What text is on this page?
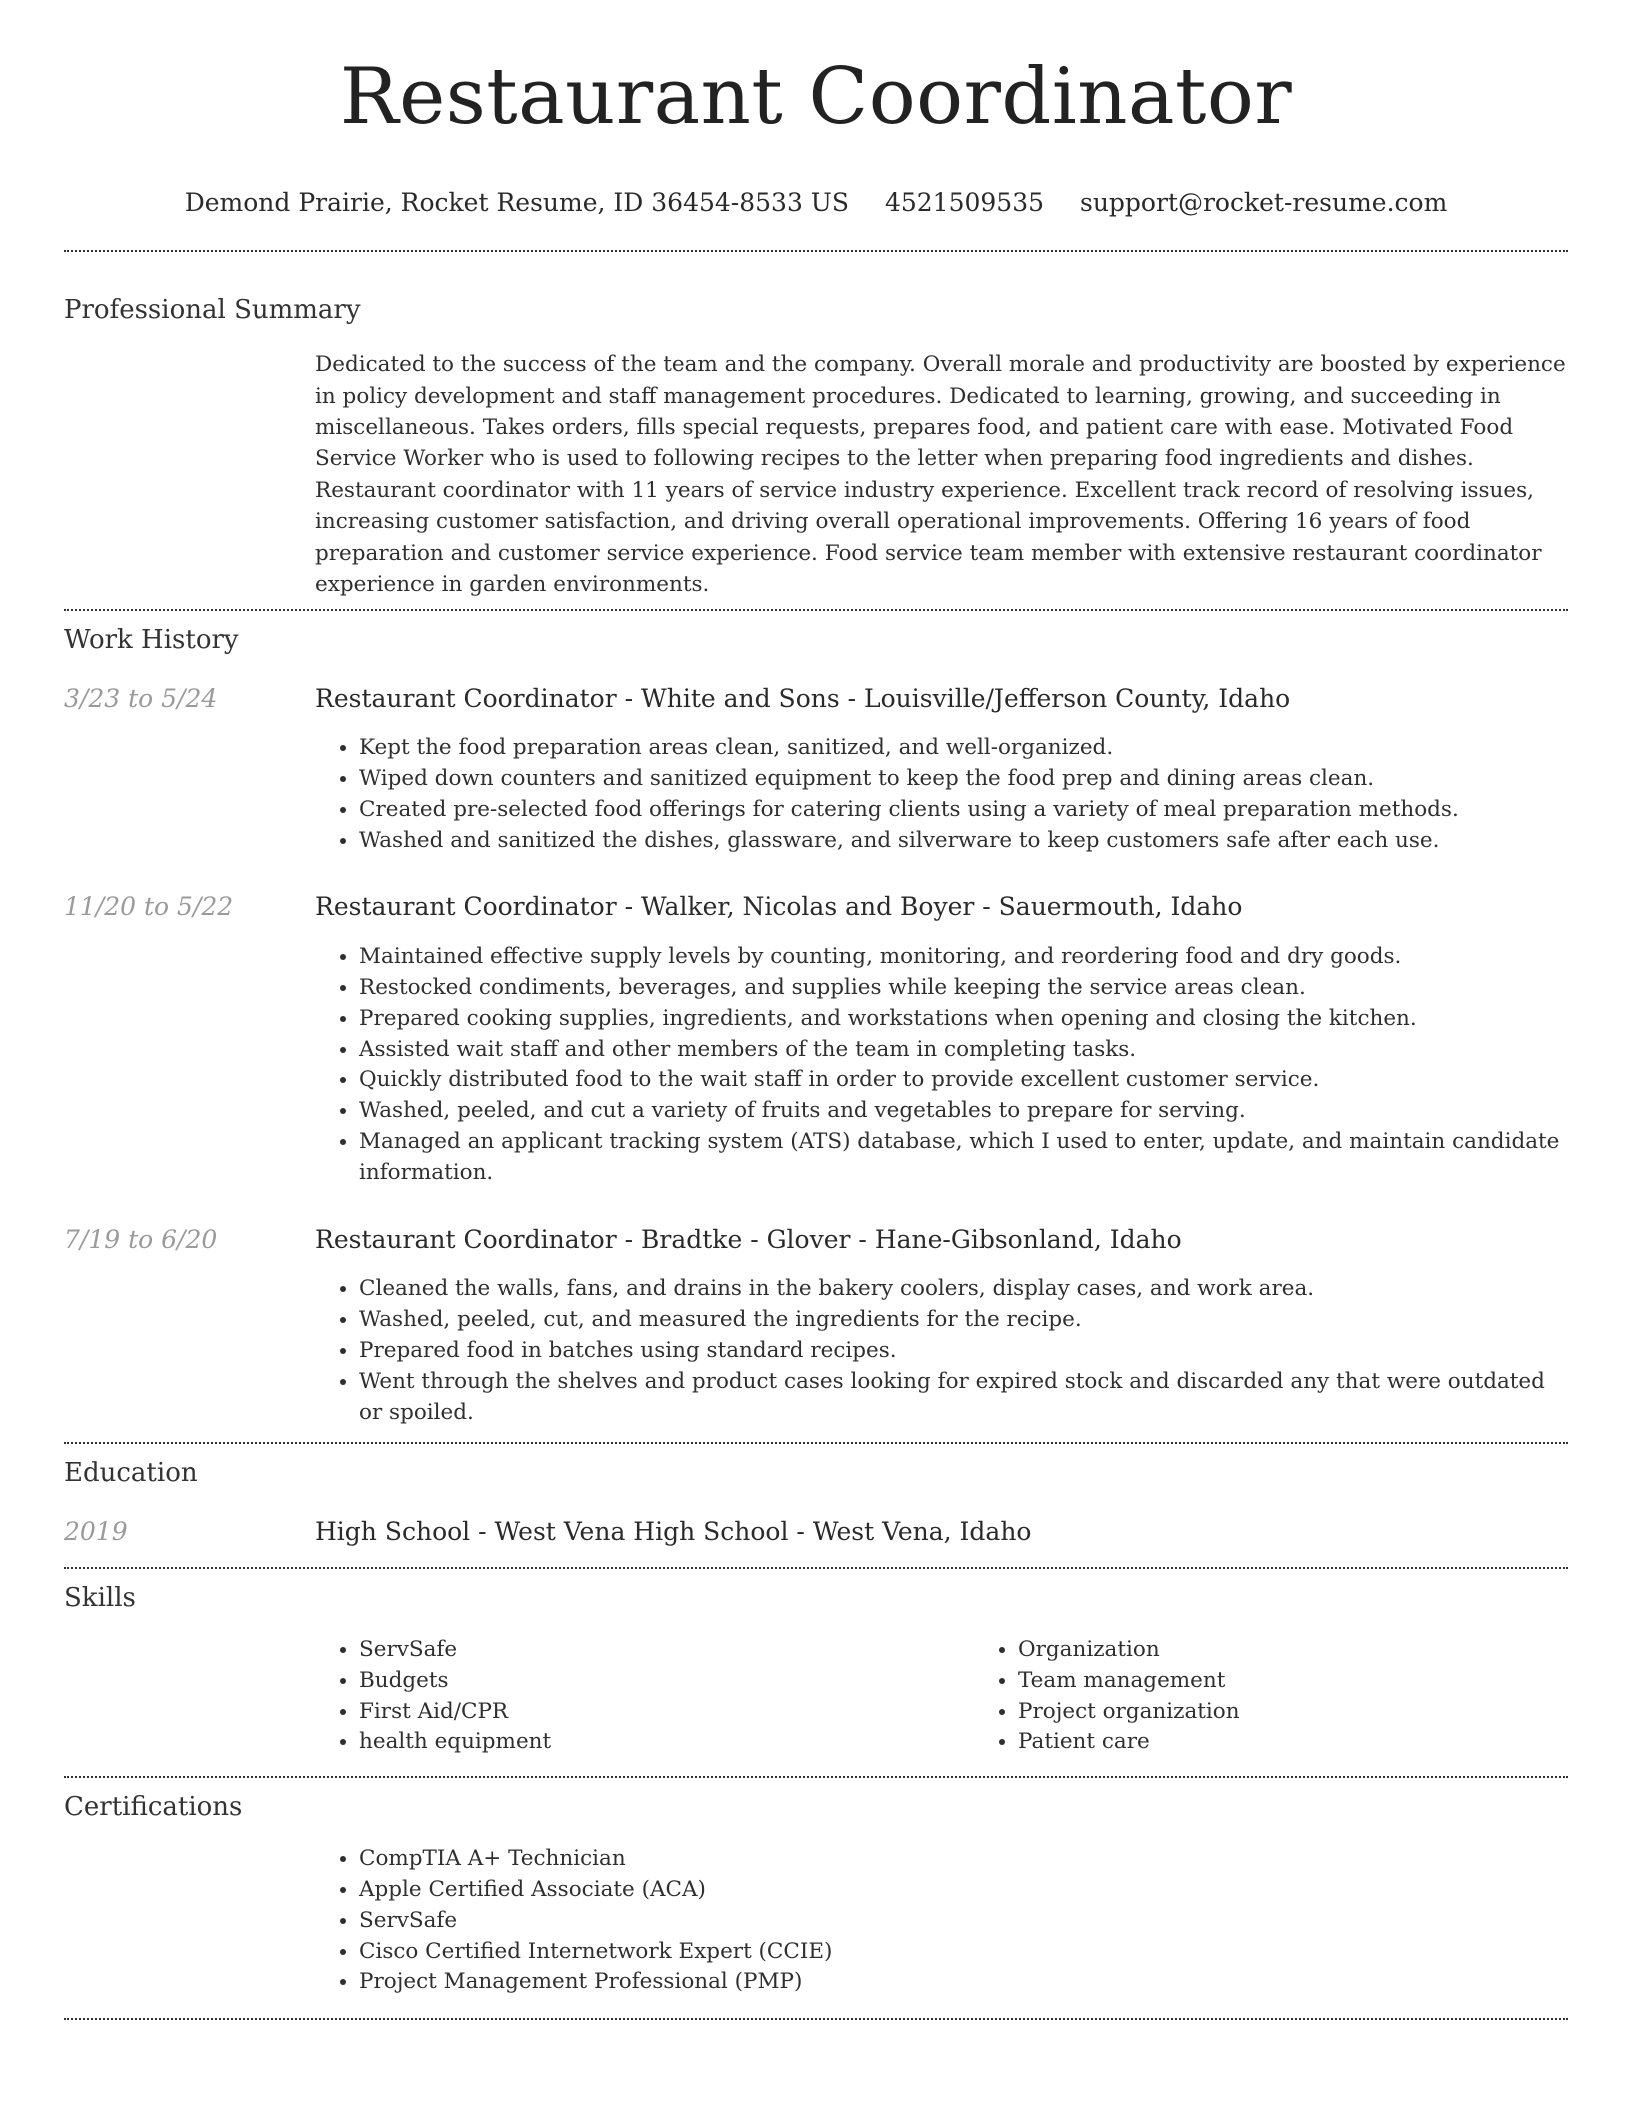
Restaurant Coordinator
Demond Prairie, Rocket Resume, ID 36454-8533 US 4521509535 support@rocket-resume.com
Professional Summary
Dedicated to the success of the team and the company. Overall morale and productivity are boosted by experience in policy development and staff management procedures. Dedicated to learning, growing, and succeeding in miscellaneous. Takes orders, fills special requests, prepares food, and patient care with ease. Motivated Food Service Worker who is used to following recipes to the letter when preparing food ingredients and dishes. Restaurant coordinator with 11 years of service industry experience. Excellent track record of resolving issues, increasing customer satisfaction, and driving overall operational improvements. Offering 16 years of food preparation and customer service experience. Food service team member with extensive restaurant coordinator experience in garden environments.
Work History
3/23 to 5/24	Restaurant Coordinator - White and Sons - Louisville/Jefferson County, Idaho
• Kept the food preparation areas clean, sanitized, and well-organized.
• Wiped down counters and sanitized equipment to keep the food prep and dining areas clean.
• Created pre-selected food offerings for catering clients using a variety of meal preparation methods.
• Washed and sanitized the dishes, glassware, and silverware to keep customers safe after each use.
11/20 to 5/22	Restaurant Coordinator - Walker, Nicolas and Boyer - Sauermouth, Idaho
• Maintained effective supply levels by counting, monitoring, and reordering food and dry goods.
• Restocked condiments, beverages, and supplies while keeping the service areas clean.
• Prepared cooking supplies, ingredients, and workstations when opening and closing the kitchen.
• Assisted wait staff and other members of the team in completing tasks.
• Quickly distributed food to the wait staff in order to provide excellent customer service.
• Washed, peeled, and cut a variety of fruits and vegetables to prepare for serving.
• Managed an applicant tracking system (ATS) database, which I used to enter, update, and maintain candidate information.
7/19 to 6/20	Restaurant Coordinator - Bradtke - Glover - Hane-Gibsonland, Idaho
• Cleaned the walls, fans, and drains in the bakery coolers, display cases, and work area.
• Washed, peeled, cut, and measured the ingredients for the recipe.
• Prepared food in batches using standard recipes.
• Went through the shelves and product cases looking for expired stock and discarded any that were outdated or spoiled.
Education
2019	High School - West Vena High School - West Vena, Idaho
Skills
• ServSafe
• Budgets
• First Aid/CPR
• health equipment
• Organization
• Team management
• Project organization
• Patient care
Certifications
• CompTIA A+ Technician
• Apple Certified Associate (ACA)
• ServSafe
• Cisco Certified Internetwork Expert (CCIE)
• Project Management Professional (PMP)
